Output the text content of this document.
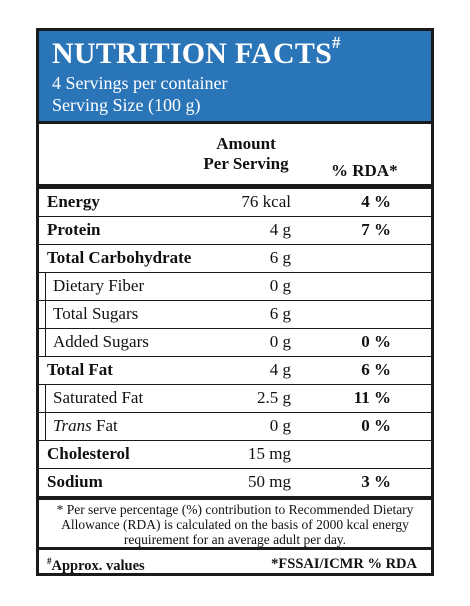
NUTRITION FACTS#
4 Servings per container
Serving Size (100 g)
Amount
Per Serving	% RDA*
Energy	76 kcal	4 %
Protein	4 g	7 %
Total Carbohydrate	6 g
Dietary Fiber	0 g
Total Sugars	6 g
Added Sugars	0 g	0 %
Total Fat	4 g	6 %
Saturated Fat	2.5 g	11 %
Trans Fat	0 g	0 %
Cholesterol	15 mg
Sodium	50 mg	3 %
* Per serve percentage (%) contribution to Recommended Dietary
Allowance (RDA) is calculated on the basis of 2000 kcal energy
requirement for an average adult per day.
#Approx. values	*FSSAI/ICMR % RDA
